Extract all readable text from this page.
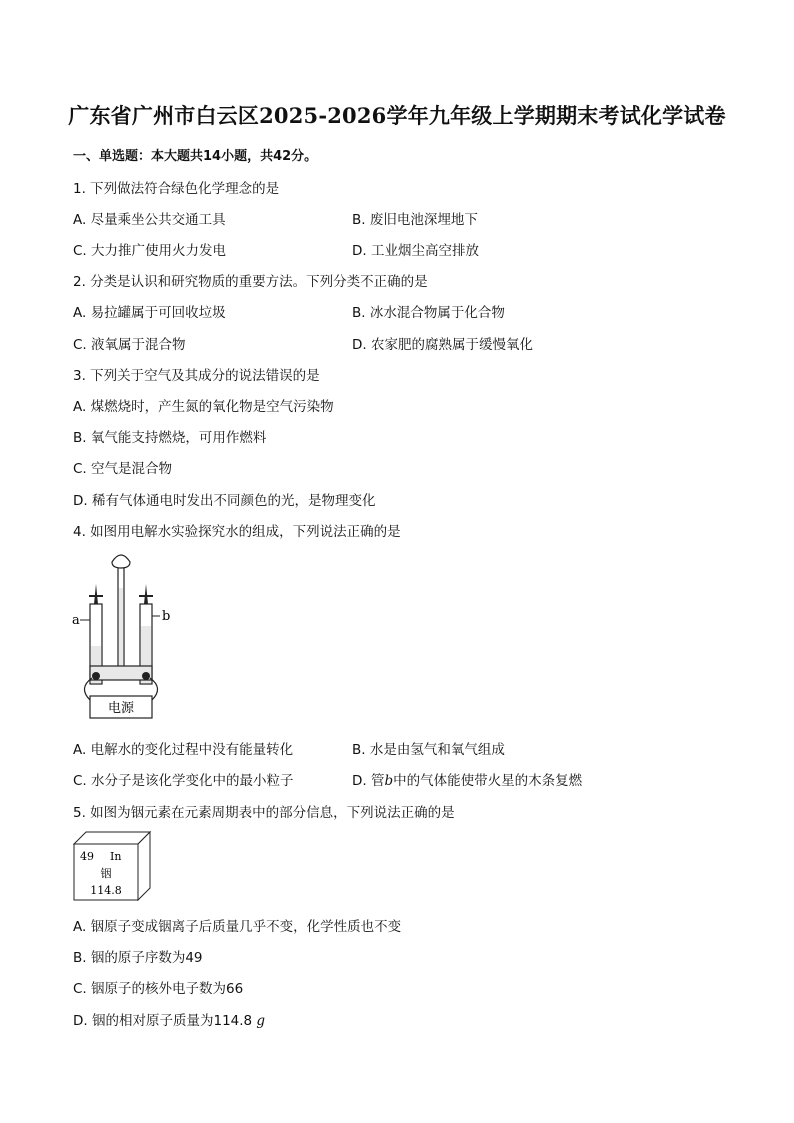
广东省广州市白云区2025-2026学年九年级上学期期末考试化学试卷
一、单选题：本大题共14小题，共42分。
1. 下列做法符合绿色化学理念的是
A. 尽量乘坐公共交通工具	B. 废旧电池深埋地下
C. 大力推广使用火力发电	D. 工业烟尘高空排放
2. 分类是认识和研究物质的重要方法。下列分类不正确的是
A. 易拉罐属于可回收垃圾	B. 冰水混合物属于化合物
C. 液氧属于混合物	D. 农家肥的腐熟属于缓慢氧化
3. 下列关于空气及其成分的说法错误的是
A. 煤燃烧时，产生氮的氧化物是空气污染物
B. 氧气能支持燃烧，可用作燃料
C. 空气是混合物
D. 稀有气体通电时发出不同颜色的光，是物理变化
4. 如图用电解水实验探究水的组成，下列说法正确的是
a	b
电源
A. 电解水的变化过程中没有能量转化	B. 水是由氢气和氧气组成
C. 水分子是该化学变化中的最小粒子	D. 管b中的气体能使带火星的木条复燃
5. 如图为铟元素在元素周期表中的部分信息，下列说法正确的是
49 In
铟
114.8
A. 铟原子变成铟离子后质量几乎不变，化学性质也不变
B. 铟的原子序数为49
C. 铟原子的核外电子数为66
D. 铟的相对原子质量为114.8 g
